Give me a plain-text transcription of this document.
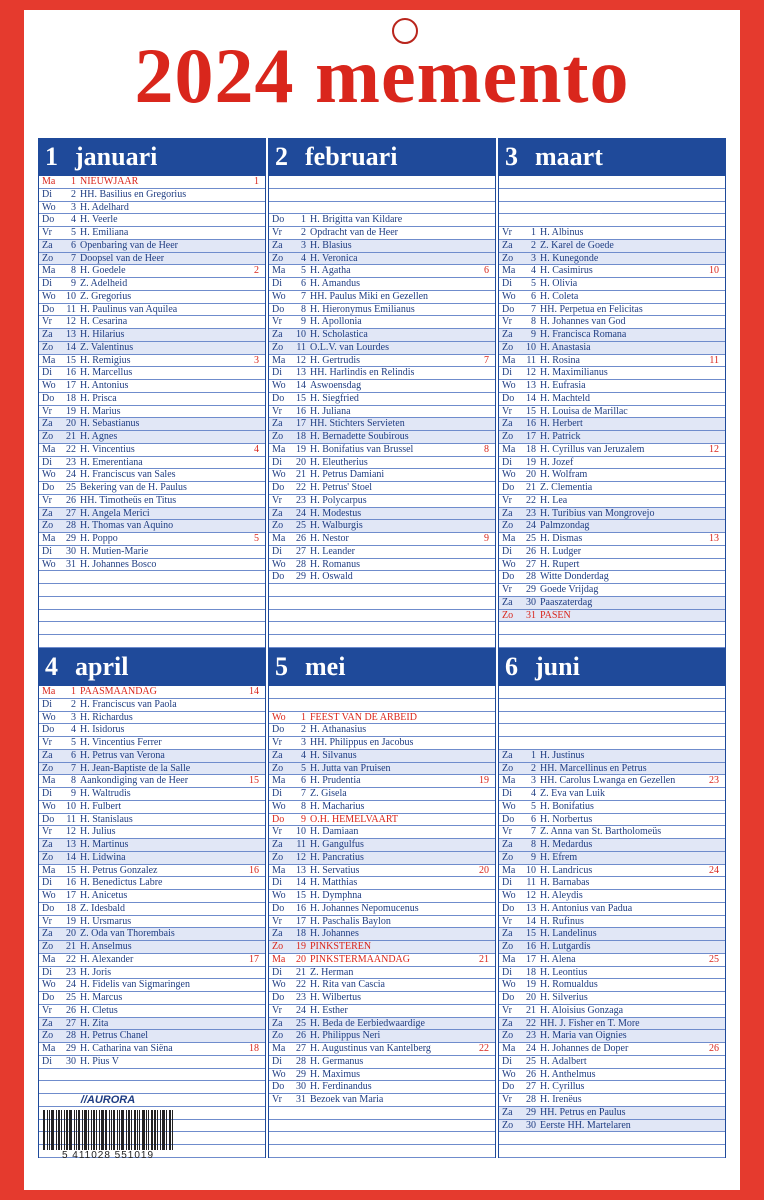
2024 memento
1 januari
Ma 1 NIEUWJAAR	1
Di 2 HH. Basilius en Gregorius
Wo 3 H. Adelhard
Do 4 H. Veerle
Vr 5 H. Emiliana
Za 6 Openbaring van de Heer
Zo 7 Doopsel van de Heer
Ma 8 H. Goedele	2
Di 9 Z. Adelheid
Wo 10 Z. Gregorius
Do 11 H. Paulinus van Aquilea
Vr 12 H. Cesarina
Za 13 H. Hilarius
Zo 14 Z. Valentinus
Ma 15 H. Remigius	3
Di 16 H. Marcellus
Wo 17 H. Antonius
Do 18 H. Prisca
Vr 19 H. Marius
Za 20 H. Sebastianus
Zo 21 H. Agnes
Ma 22 H. Vincentius	4
Di 23 H. Emerentiana
Wo 24 H. Franciscus van Sales
Do 25 Bekering van de H. Paulus
Vr 26 HH. Timotheüs en Titus
Za 27 H. Angela Merici
Zo 28 H. Thomas van Aquino
Ma 29 H. Poppo	5
Di 30 H. Mutien-Marie
Wo 31 H. Johannes Bosco
2 februari
Do 1 H. Brigitta van Kildare
Vr 2 Opdracht van de Heer
Za 3 H. Blasius
Zo 4 H. Veronica
Ma 5 H. Agatha	6
Di 6 H. Amandus
Wo 7 HH. Paulus Miki en Gezellen
Do 8 H. Hieronymus Emilianus
Vr 9 H. Apollonia
Za 10 H. Scholastica
Zo 11 O.L.V. van Lourdes
Ma 12 H. Gertrudis	7
Di 13 HH. Harlindis en Relindis
Wo 14 Aswoensdag
Do 15 H. Siegfried
Vr 16 H. Juliana
Za 17 HH. Stichters Servieten
Zo 18 H. Bernadette Soubirous
Ma 19 H. Bonifatius van Brussel	8
Di 20 H. Eleutherius
Wo 21 H. Petrus Damiani
Do 22 H. Petrus' Stoel
Vr 23 H. Polycarpus
Za 24 H. Modestus
Zo 25 H. Walburgis
Ma 26 H. Nestor	9
Di 27 H. Leander
Wo 28 H. Romanus
Do 29 H. Oswald
3 maart
Vr 1 H. Albinus
Za 2 Z. Karel de Goede
Zo 3 H. Kunegonde
Ma 4 H. Casimirus	10
Di 5 H. Olivia
Wo 6 H. Coleta
Do 7 HH. Perpetua en Felicitas
Vr 8 H. Johannes van God
Za 9 H. Francisca Romana
Zo 10 H. Anastasia
Ma 11 H. Rosina	11
Di 12 H. Maximilianus
Wo 13 H. Eufrasia
Do 14 H. Machteld
Vr 15 H. Louisa de Marillac
Za 16 H. Herbert
Zo 17 H. Patrick
Ma 18 H. Cyrillus van Jeruzalem	12
Di 19 H. Jozef
Wo 20 H. Wolfram
Do 21 Z. Clementia
Vr 22 H. Lea
Za 23 H. Turibius van Mongrovejo
Zo 24 Palmzondag
Ma 25 H. Dismas	13
Di 26 H. Ludger
Wo 27 H. Rupert
Do 28 Witte Donderdag
Vr 29 Goede Vrijdag
Za 30 Paaszaterdag
Zo 31 PASEN
4 april
Ma 1 PAASMAANDAG	14
Di 2 H. Franciscus van Paola
Wo 3 H. Richardus
Do 4 H. Isidorus
Vr 5 H. Vincentius Ferrer
Za 6 H. Petrus van Verona
Zo 7 H. Jean-Baptiste de la Salle
Ma 8 Aankondiging van de Heer	15
Di 9 H. Waltrudis
Wo 10 H. Fulbert
Do 11 H. Stanislaus
Vr 12 H. Julius
Za 13 H. Martinus
Zo 14 H. Lidwina
Ma 15 H. Petrus Gonzalez	16
Di 16 H. Benedictus Labre
Wo 17 H. Anicetus
Do 18 Z. Idesbald
Vr 19 H. Ursmarus
Za 20 Z. Oda van Thorembais
Zo 21 H. Anselmus
Ma 22 H. Alexander	17
Di 23 H. Joris
Wo 24 H. Fidelis van Sigmaringen
Do 25 H. Marcus
Vr 26 H. Cletus
Za 27 H. Zita
Zo 28 H. Petrus Chanel
Ma 29 H. Catharina van Siëna	18
Di 30 H. Pius V
5 mei
Wo 1 FEEST VAN DE ARBEID
Do 2 H. Athanasius
Vr 3 HH. Philippus en Jacobus
Za 4 H. Silvanus
Zo 5 H. Jutta van Pruisen
Ma 6 H. Prudentia	19
Di 7 Z. Gisela
Wo 8 H. Macharius
Do 9 O.H. HEMELVAART
Vr 10 H. Damiaan
Za 11 H. Gangulfus
Zo 12 H. Pancratius
Ma 13 H. Servatius	20
Di 14 H. Matthias
Wo 15 H. Dymphna
Do 16 H. Johannes Nepomucenus
Vr 17 H. Paschalis Baylon
Za 18 H. Johannes
Zo 19 PINKSTEREN
Ma 20 PINKSTERMAANDAG	21
Di 21 Z. Herman
Wo 22 H. Rita van Cascia
Do 23 H. Wilbertus
Vr 24 H. Esther
Za 25 H. Beda de Eerbiedwaardige
Zo 26 H. Philippus Neri
Ma 27 H. Augustinus van Kantelberg	22
Di 28 H. Germanus
Wo 29 H. Maximus
Do 30 H. Ferdinandus
Vr 31 Bezoek van Maria
6 juni
Za 1 H. Justinus
Zo 2 HH. Marcellinus en Petrus
Ma 3 HH. Carolus Lwanga en Gezellen	23
Di 4 Z. Eva van Luik
Wo 5 H. Bonifatius
Do 6 H. Norbertus
Vr 7 Z. Anna van St. Bartholomeüs
Za 8 H. Medardus
Zo 9 H. Efrem
Ma 10 H. Landricus	24
Di 11 H. Barnabas
Wo 12 H. Aleydis
Do 13 H. Antonius van Padua
Vr 14 H. Rufinus
Za 15 H. Landelinus
Zo 16 H. Lutgardis
Ma 17 H. Alena	25
Di 18 H. Leontius
Wo 19 H. Romualdus
Do 20 H. Silverius
Vr 21 H. Aloisius Gonzaga
Za 22 HH. J. Fisher en T. More
Zo 23 H. Maria van Oignies
Ma 24 H. Johannes de Doper	26
Di 25 H. Adalbert
Wo 26 H. Anthelmus
Do 27 H. Cyrillus
Vr 28 H. Irenëus
Za 29 HH. Petrus en Paulus
Zo 30 Eerste HH. Martelaren
//AURORA
5 411028 551019
